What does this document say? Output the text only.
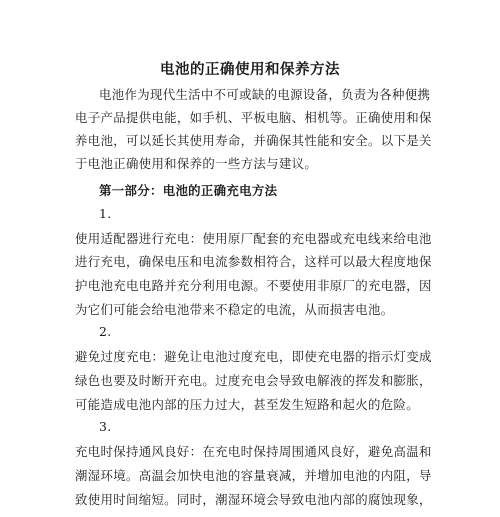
电池的正确使用和保养方法
电池作为现代生活中不可或缺的电源设备，负责为各种便携
电子产品提供电能，如手机、平板电脑、相机等。正确使用和保
养电池，可以延长其使用寿命，并确保其性能和安全。以下是关
于电池正确使用和保养的一些方法与建议。
第一部分：电池的正确充电方法
1.
使用适配器进行充电：使用原厂配套的充电器或充电线来给电池
进行充电，确保电压和电流参数相符合，这样可以最大程度地保
护电池充电电路并充分利用电源。不要使用非原厂的充电器，因
为它们可能会给电池带来不稳定的电流，从而损害电池。
2.
避免过度充电：避免让电池过度充电，即使充电器的指示灯变成
绿色也要及时断开充电。过度充电会导致电解液的挥发和膨胀，
可能造成电池内部的压力过大，甚至发生短路和起火的危险。
3.
充电时保持通风良好：在充电时保持周围通风良好，避免高温和
潮湿环境。高温会加快电池的容量衰减，并增加电池的内阻，导
致使用时间缩短。同时，潮湿环境会导致电池内部的腐蚀现象，
